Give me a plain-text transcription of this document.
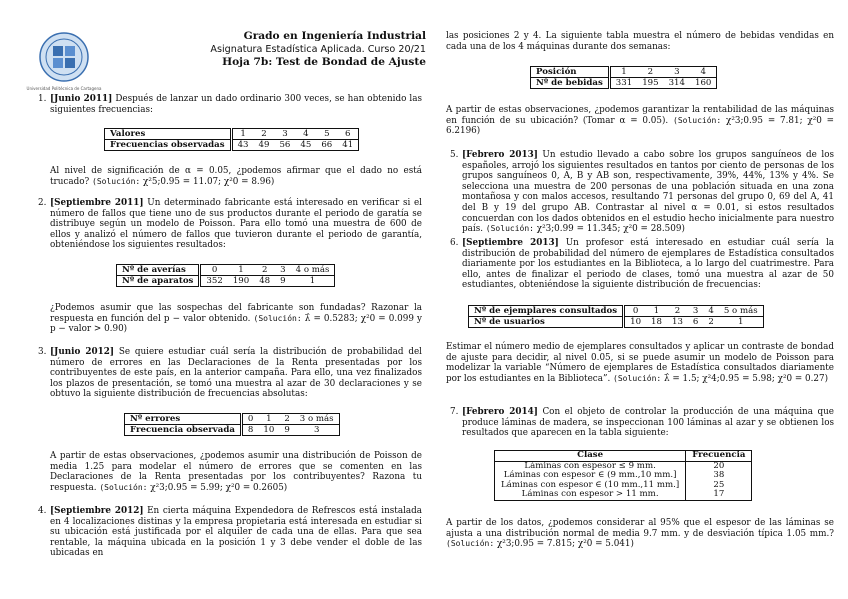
Universidad Politécnica de Cartagena
Grado en Ingeniería Industrial
Asignatura Estadística Aplicada. Curso 20/21
Hoja 7b: Test de Bondad de Ajuste
1. [Junio 2011] Después de lanzar un dado ordinario 300 veces, se han obtenido las siguientes frecuencias:
Valores	1	2	3	4	5	6
Frecuencias observadas	43	49	56	45	66	41
Al nivel de significación de α = 0.05, ¿podemos afirmar que el dado no está trucado? (Solución: χ²5;0.95 = 11.07; χ²0 = 8.96)
2. [Septiembre 2011] Un determinado fabricante está interesado en verificar si el número de fallos que tiene uno de sus productos durante el periodo de garatía se distribuye según un modelo de Poisson. Para ello tomó una muestra de 600 de ellos y analizó el número de fallos que tuvieron durante el periodo de garantía, obteniéndose los siguientes resultados:
Nº de averías	0	1	2	3	4 o más
Nº de aparatos	352	190	48	9	1
¿Podemos asumir que las sospechas del fabricante son fundadas? Razonar la respuesta en función del p − valor obtenido. (Solución: λ̂ = 0.5283; χ²0 = 0.099 y p − valor > 0.90)
3. [Junio 2012] Se quiere estudiar cuál sería la distribución de probabilidad del número de errores en las Declaraciones de la Renta presentadas por los contribuyentes de este país, en la anterior campaña. Para ello, una vez finalizados los plazos de presentación, se tomó una muestra al azar de 30 declaraciones y se obtuvo la siguiente distribución de frecuencias absolutas:
Nº errores	0	1	2	3 o más
Frecuencia observada	8	10	9	3
A partir de estas observaciones, ¿podemos asumir una distribución de Poisson de media 1.25 para modelar el número de errores que se comenten en las Declaraciones de la Renta presentadas por los contribuyentes? Razona tu respuesta. (Solución: χ²3;0.95 = 5.99; χ²0 = 0.2605)
4. [Septiembre 2012] En cierta máquina Expendedora de Refrescos está instalada en 4 localizaciones distinas y la empresa propietaria está interesada en estudiar si su ubicación está justificada por el alquiler de cada una de ellas. Para que sea rentable, la máquina ubicada en la posición 1 y 3 debe vender el doble de las ubicadas en
las posiciones 2 y 4. La siguiente tabla muestra el número de bebidas vendidas en cada una de los 4 máquinas durante dos semanas:
Posición	1	2	3	4
Nº de bebidas	331	195	314	160
A partir de estas observaciones, ¿podemos garantizar la rentabilidad de las máquinas en función de su ubicación? (Tomar α = 0.05). (Solución: χ²3;0.95 = 7.81; χ²0 = 6.2196)
5. [Febrero 2013] Un estudio llevado a cabo sobre los grupos sanguíneos de los españoles, arrojó los siguientes resultados en tantos por ciento de personas de los grupos sanguíneos 0, A, B y AB son, respectivamente, 39%, 44%, 13% y 4%. Se selecciona una muestra de 200 personas de una población situada en una zona montañosa y con malos accesos, resultando 71 personas del grupo 0, 69 del A, 41 del B y 19 del grupo AB. Contrastar al nivel α = 0.01, si estos resultados concuerdan con los dados obtenidos en el estudio hecho inicialmente para nuestro país. (Solución: χ²3;0.99 = 11.345; χ²0 = 28.509)
6. [Septiembre 2013] Un profesor está interesado en estudiar cuál sería la distribución de probabilidad del número de ejemplares de Estadística consultados diariamente por los estudiantes en la Biblioteca, a lo largo del cuatrimestre. Para ello, antes de finalizar el periodo de clases, tomó una muestra al azar de 50 estudiantes, obteniéndose la siguiente distribución de frecuencias:
Nº de ejemplares consultados	0	1	2	3	4	5 o más
Nº de usuarios	10	18	13	6	2	1
Estimar el número medio de ejemplares consultados y aplicar un contraste de bondad de ajuste para decidir, al nivel 0.05, si se puede asumir un modelo de Poisson para modelizar la variable “Número de ejemplares de Estadística consultados diariamente por los estudiantes en la Biblioteca”. (Solución: λ̂ = 1.5; χ²4;0.95 = 5.98; χ²0 = 0.27)
7. [Febrero 2014] Con el objeto de controlar la producción de una máquina que produce láminas de madera, se inspeccionan 100 láminas al azar y se obtienen los resultados que aparecen en la tabla siguiente:
Clase	Frecuencia
Láminas con espesor ≤ 9 mm.	20
Láminas con espesor ∈ (9 mm.,10 mm.]	38
Láminas con espesor ∈ (10 mm.,11 mm.]	25
Láminas con espesor > 11 mm.	17
A partir de los datos, ¿podemos considerar al 95% que el espesor de las láminas se ajusta a una distribución normal de media 9.7 mm. y de desviación típica 1.05 mm.? (Solución: χ²3;0.95 = 7.815; χ²0 = 5.041)
